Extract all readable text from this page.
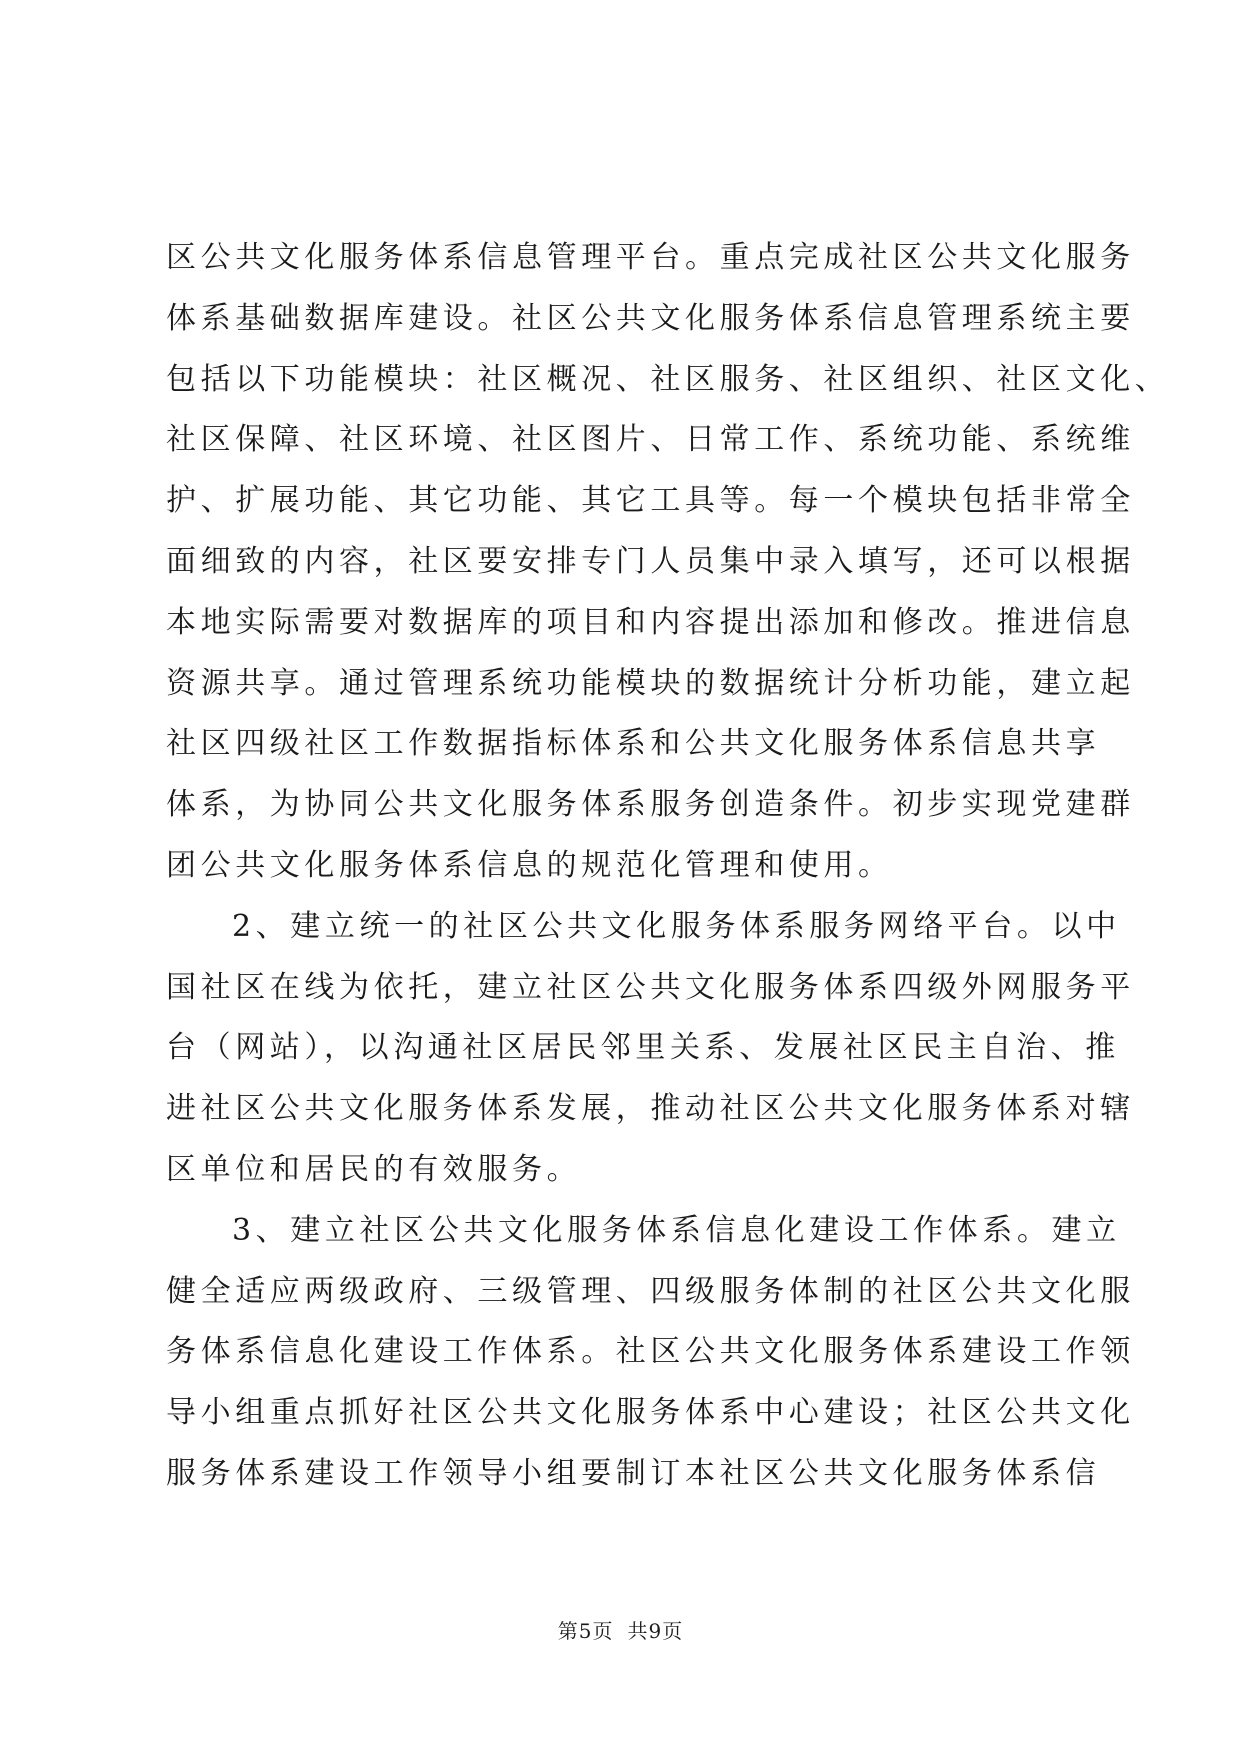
区公共文化服务体系信息管理平台。重点完成社区公共文化服务
体系基础数据库建设。社区公共文化服务体系信息管理系统主要
包括以下功能模块：社区概况、社区服务、社区组织、社区文化、
社区保障、社区环境、社区图片、日常工作、系统功能、系统维
护、扩展功能、其它功能、其它工具等。每一个模块包括非常全
面细致的内容，社区要安排专门人员集中录入填写，还可以根据
本地实际需要对数据库的项目和内容提出添加和修改。推进信息
资源共享。通过管理系统功能模块的数据统计分析功能，建立起
社区四级社区工作数据指标体系和公共文化服务体系信息共享
体系，为协同公共文化服务体系服务创造条件。初步实现党建群
团公共文化服务体系信息的规范化管理和使用。
2、建立统一的社区公共文化服务体系服务网络平台。以中
国社区在线为依托，建立社区公共文化服务体系四级外网服务平
台（网站），以沟通社区居民邻里关系、发展社区民主自治、推
进社区公共文化服务体系发展，推动社区公共文化服务体系对辖
区单位和居民的有效服务。
3、建立社区公共文化服务体系信息化建设工作体系。建立
健全适应两级政府、三级管理、四级服务体制的社区公共文化服
务体系信息化建设工作体系。社区公共文化服务体系建设工作领
导小组重点抓好社区公共文化服务体系中心建设；社区公共文化
服务体系建设工作领导小组要制订本社区公共文化服务体系信
第5页 共9页
